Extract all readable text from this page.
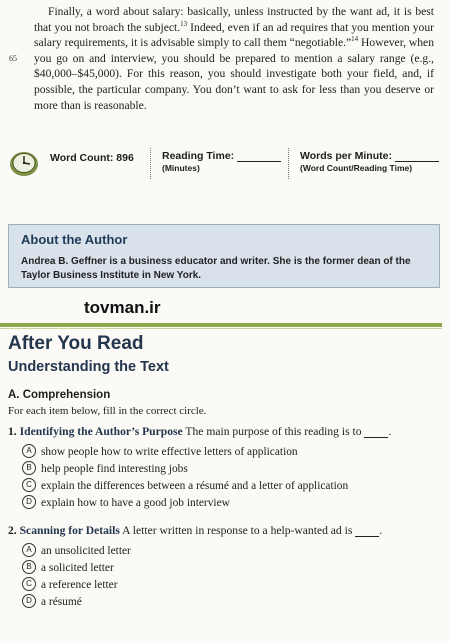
Finally, a word about salary: basically, unless instructed by the want ad, it is best that you not broach the subject.$^{13}$ Indeed, even if an ad requires that you mention your salary requirements, it is advisable simply to call them “negotiable.”$^{14}$ However, when you go on and interview, you should be prepared to mention a salary range (e.g., $40,000–$45,000). For this reason, you should investigate both your field, and, if possible, the particular company. You don’t want to ask for less than you deserve or more than is reasonable.

65
Word Count: 896	Reading Time:
(Minutes)
Words per Minute:
(Word Count/Reading Time)
About the Author
Andrea B. Geffner is a business educator and writer. She is the former dean of the Taylor Business Institute in New York.
tovman.ir
After You Read
Understanding the Text
A. Comprehension
For each item below, fill in the correct circle.
1. Identifying the Author’s Purpose The main purpose of this reading is to .
A show people how to write effective letters of application
B help people find interesting jobs
C explain the differences between a résumé and a letter of application
D explain how to have a good job interview
2. Scanning for Details A letter written in response to a help-wanted ad is .
A an unsolicited letter
B a solicited letter
C a reference letter
D a résumé
